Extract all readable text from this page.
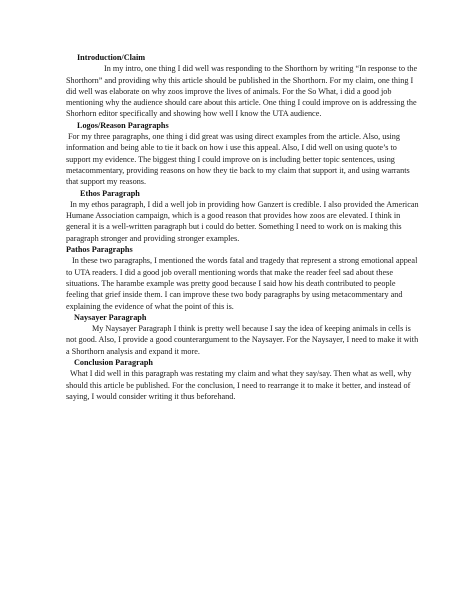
Introduction/Claim

In my intro, one thing I did well was responding to the Shorthorn by writing “In response to the Shorthorn” and providing why this article should be published in the Shorthorn. For my claim, one thing I did well was elaborate on why zoos improve the lives of animals. For the So What, i did a good job mentioning why the audience should care about this article. One thing I could improve on is addressing the Shorhorn editor specifically and showing how well I know the UTA audience.

Logos/Reason Paragraphs

For my three paragraphs, one thing i did great was using direct examples from the article. Also, using information and being able to tie it back on how i use this appeal. Also, I did well on using quote’s to support my evidence. The biggest thing I could improve on is including better topic sentences, using metacommentary, providing reasons on how they tie back to my claim that support it, and using warrants that support my reasons.

Ethos Paragraph

In my ethos paragraph, I did a well job in providing how Ganzert is credible. I also provided the American Humane Association campaign, which is a good reason that provides how zoos are elevated. I think in general it is a well-written paragraph but i could do better. Something I need to work on is making this paragraph stronger and providing stronger examples.

Pathos Paragraphs

In these two paragraphs, I mentioned the words fatal and tragedy that represent a strong emotional appeal to UTA readers. I did a good job overall mentioning words that make the reader feel sad about these situations. The harambe example was pretty good because I said how his death contributed to people feeling that grief inside them. I can improve these two body paragraphs by using metacommentary and explaining the evidence of what the point of this is.

Naysayer Paragraph

My Naysayer Paragraph I think is pretty well because I say the idea of keeping animals in cells is not good. Also, I provide a good counterargument to the Naysayer. For the Naysayer, I need to make it with a Shorthorn analysis and expand it more.

Conclusion Paragraph

What I did well in this paragraph was restating my claim and what they say/say. Then what as well, why should this article be published. For the conclusion, I need to rearrange it to make it better, and instead of saying, I would consider writing it thus beforehand.
